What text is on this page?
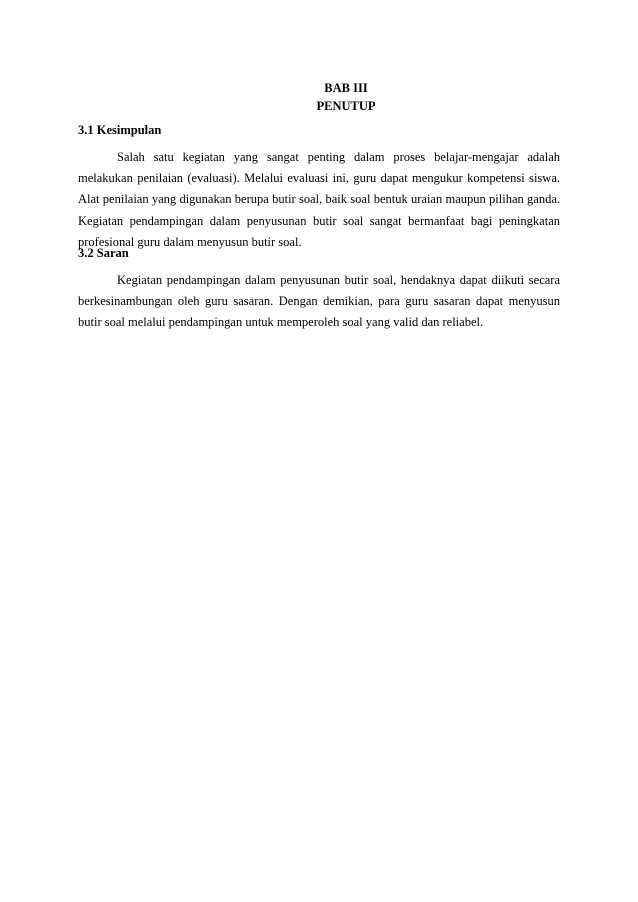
BAB III
PENUTUP

3.1 Kesimpulan

Salah satu kegiatan yang sangat penting dalam proses belajar-mengajar adalah melakukan penilaian (evaluasi). Melalui evaluasi ini, guru dapat mengukur kompetensi siswa. Alat penilaian yang digunakan berupa butir soal, baik soal bentuk uraian maupun pilihan ganda. Kegiatan pendampingan dalam penyusunan butir soal sangat bermanfaat bagi peningkatan profesional guru dalam menyusun butir soal.

3.2 Saran

Kegiatan pendampingan dalam penyusunan butir soal, hendaknya dapat diikuti secara berkesinambungan oleh guru sasaran. Dengan demikian, para guru sasaran dapat menyusun butir soal melalui pendampingan untuk memperoleh soal yang valid dan reliabel.
